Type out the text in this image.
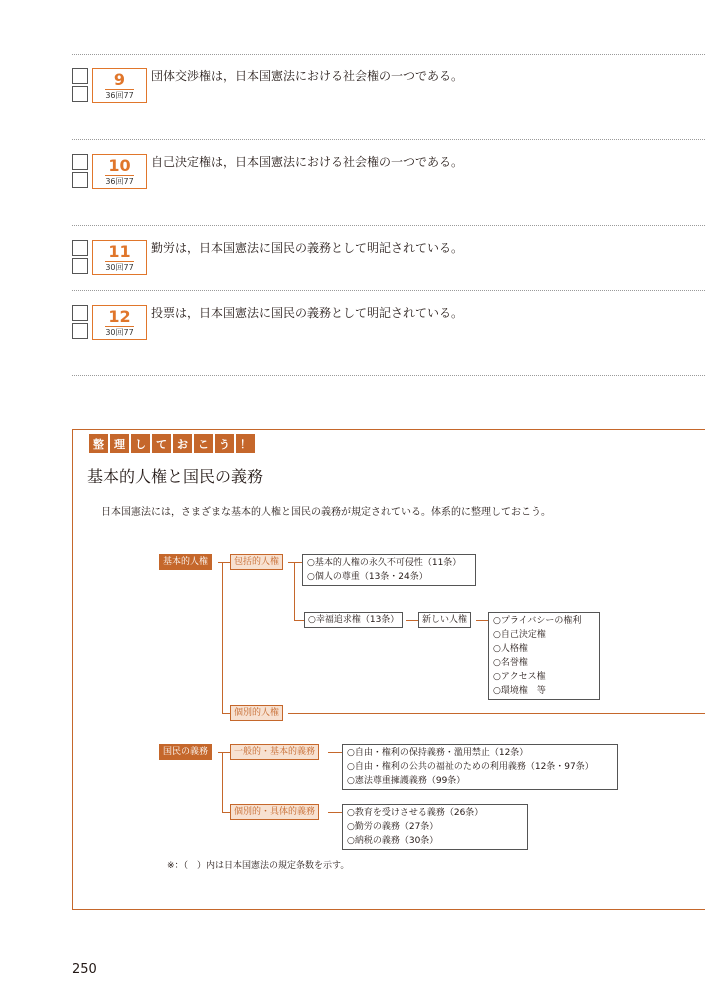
9
36回77
団体交渉権は，日本国憲法における社会権の一つである。
10
36回77
自己決定権は，日本国憲法における社会権の一つである。
11
30回77
勤労は，日本国憲法に国民の義務として明記されている。
12
30回77
投票は，日本国憲法に国民の義務として明記されている。
整 理 し て お こ う ！
基本的人権と国民の義務
日本国憲法には，さまざまな基本的人権と国民の義務が規定されている。体系的に整理しておこう。
基本的人権	包括的人権	○基本的人権の永久不可侵性（11条）
○個人の尊重（13条・24条）
○幸福追求権（13条）	新しい人権	○プライバシーの権利
○自己決定権
○人格権
○名誉権
○アクセス権
○環境権　等
個別的人権
国民の義務	一般的・基本的義務	○自由・権利の保持義務・濫用禁止（12条）
○自由・権利の公共の福祉のための利用義務（12条・97条）
○憲法尊重擁護義務（99条）
個別的・具体的義務	○教育を受けさせる義務（26条）
○勤労の義務（27条）
○納税の義務（30条）
※：（　）内は日本国憲法の規定条数を示す。
250
